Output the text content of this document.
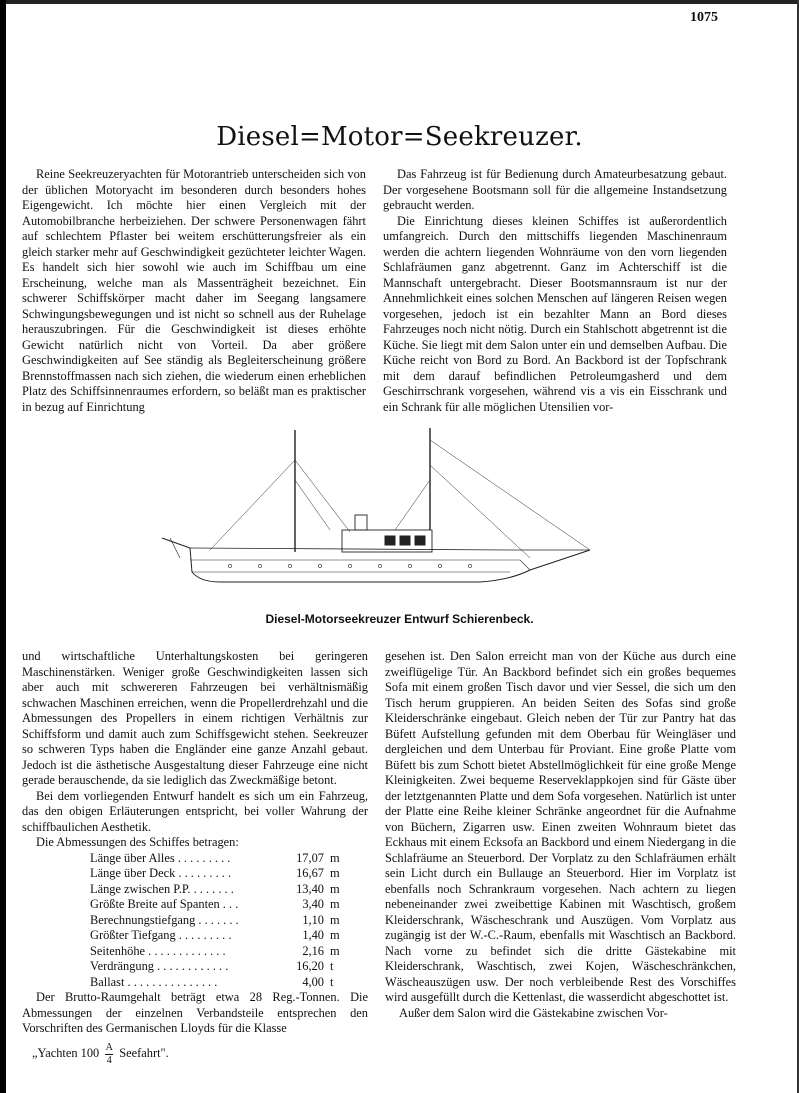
1075
Diesel=Motor=Seekreuzer.

Reine Seekreuzeryachten für Motorantrieb unterscheiden sich von der üblichen Motoryacht im besonderen durch besonders hohes Eigengewicht. Ich möchte hier einen Vergleich mit der Automobilbranche herbeiziehen. Der schwere Personenwagen fährt auf schlechtem Pflaster bei weitem erschütterungsfreier als ein gleich starker mehr auf Geschwindigkeit gezüchteter leichter Wagen. Es handelt sich hier sowohl wie auch im Schiffbau um eine Erscheinung, welche man als Massenträgheit bezeichnet. Ein schwerer Schiffskörper macht daher im Seegang langsamere Schwingungsbewegungen und ist nicht so schnell aus der Ruhelage herauszubringen. Für die Geschwindigkeit ist dieses erhöhte Gewicht natürlich nicht von Vorteil. Da aber größere Geschwindigkeiten auf See ständig als Begleiterscheinung größere Brennstoffmassen nach sich ziehen, die wiederum einen erheblichen Platz des Schiffsinnenraumes erfordern, so beläßt man es praktischer in bezug auf Einrichtung

Das Fahrzeug ist für Bedienung durch Amateurbesatzung gebaut. Der vorgesehene Bootsmann soll für die allgemeine Instandsetzung gebraucht werden.

Die Einrichtung dieses kleinen Schiffes ist außerordentlich umfangreich. Durch den mittschiffs liegenden Maschinenraum werden die achtern liegenden Wohnräume von den vorn liegenden Schlafräumen ganz abgetrennt. Ganz im Achterschiff ist die Mannschaft untergebracht. Dieser Bootsmannsraum ist nur der Annehmlichkeit eines solchen Menschen auf längeren Reisen wegen vorgesehen, jedoch ist ein bezahlter Mann an Bord dieses Fahrzeuges noch nicht nötig. Durch ein Stahlschott abgetrennt ist die Küche. Sie liegt mit dem Salon unter ein und demselben Aufbau. Die Küche reicht von Bord zu Bord. An Backbord ist der Topfschrank mit dem darauf befindlichen Petroleumgasherd und dem Geschirrschrank vorgesehen, während vis a vis ein Eisschrank und ein Schrank für alle möglichen Utensilien vor-

Diesel-Motorseekreuzer Entwurf Schierenbeck.

und wirtschaftliche Unterhaltungskosten bei geringeren Maschinenstärken. Weniger große Geschwindigkeiten lassen sich aber auch mit schwereren Fahrzeugen bei verhältnismäßig schwachen Maschinen erreichen, wenn die Propellerdrehzahl und die Abmessungen des Propellers in einem richtigen Verhältnis zur Schiffsform und damit auch zum Schiffsgewicht stehen. Seekreuzer so schweren Typs haben die Engländer eine ganze Anzahl gebaut. Jedoch ist die ästhetische Ausgestaltung dieser Fahrzeuge eine nicht gerade berauschende, da sie lediglich das Zweckmäßige betont.

Bei dem vorliegenden Entwurf handelt es sich um ein Fahrzeug, das den obigen Erläuterungen entspricht, bei voller Wahrung der schiffbaulichen Aesthetik.

Die Abmessungen des Schiffes betragen:

Länge über Alles . . . . . . . . .	17,07 m
Länge über Deck . . . . . . . . .	16,67 m
Länge zwischen P.P. . . . . . . .	13,40 m
Größte Breite auf Spanten . . .	3,40 m
Berechnungstiefgang . . . . . . .	1,10 m
Größter Tiefgang . . . . . . . . .	1,40 m
Seitenhöhe . . . . . . . . . . . . .	2,16 m
Verdrängung . . . . . . . . . . . .	16,20 t
Ballast . . . . . . . . . . . . . . .	4,00 t

Der Brutto-Raumgehalt beträgt etwa 28 Reg.-Tonnen. Die Abmessungen der einzelnen Verbandsteile entsprechen den Vorschriften des Germanischen Lloyds für die Klasse

„Yachten $100 \frac{A}{4}$ Seefahrt".

gesehen ist. Den Salon erreicht man von der Küche aus durch eine zweiflügelige Tür. An Backbord befindet sich ein großes bequemes Sofa mit einem großen Tisch davor und vier Sessel, die sich um den Tisch herum gruppieren. An beiden Seiten des Sofas sind große Kleiderschränke eingebaut. Gleich neben der Tür zur Pantry hat das Büfett Aufstellung gefunden mit dem Oberbau für Weingläser und dergleichen und dem Unterbau für Proviant. Eine große Platte vom Büfett bis zum Schott bietet Abstellmöglichkeit für eine große Menge Kleinigkeiten. Zwei bequeme Reserveklappkojen sind für Gäste über der letztgenannten Platte und dem Sofa vorgesehen. Natürlich ist unter der Platte eine Reihe kleiner Schränke angeordnet für die Aufnahme von Büchern, Zigarren usw. Einen zweiten Wohnraum bietet das Eckhaus mit einem Ecksofa an Backbord und einem Niedergang in die Schlafräume an Steuerbord. Der Vorplatz zu den Schlafräumen erhält sein Licht durch ein Bullauge an Steuerbord. Hier im Vorplatz ist ebenfalls noch Schrankraum vorgesehen. Nach achtern zu liegen nebeneinander zwei zweibettige Kabinen mit Waschtisch, großem Kleiderschrank, Wäscheschrank und Auszügen. Vom Vorplatz aus zugängig ist der W.-C.-Raum, ebenfalls mit Waschtisch an Backbord. Nach vorne zu befindet sich die dritte Gästekabine mit Kleiderschrank, Waschtisch, zwei Kojen, Wäscheschränkchen, Wäscheauszügen usw. Der noch verbleibende Rest des Vorschiffes wird ausgefüllt durch die Kettenlast, die wasserdicht abgeschottet ist.

Außer dem Salon wird die Gästekabine zwischen Vor-
